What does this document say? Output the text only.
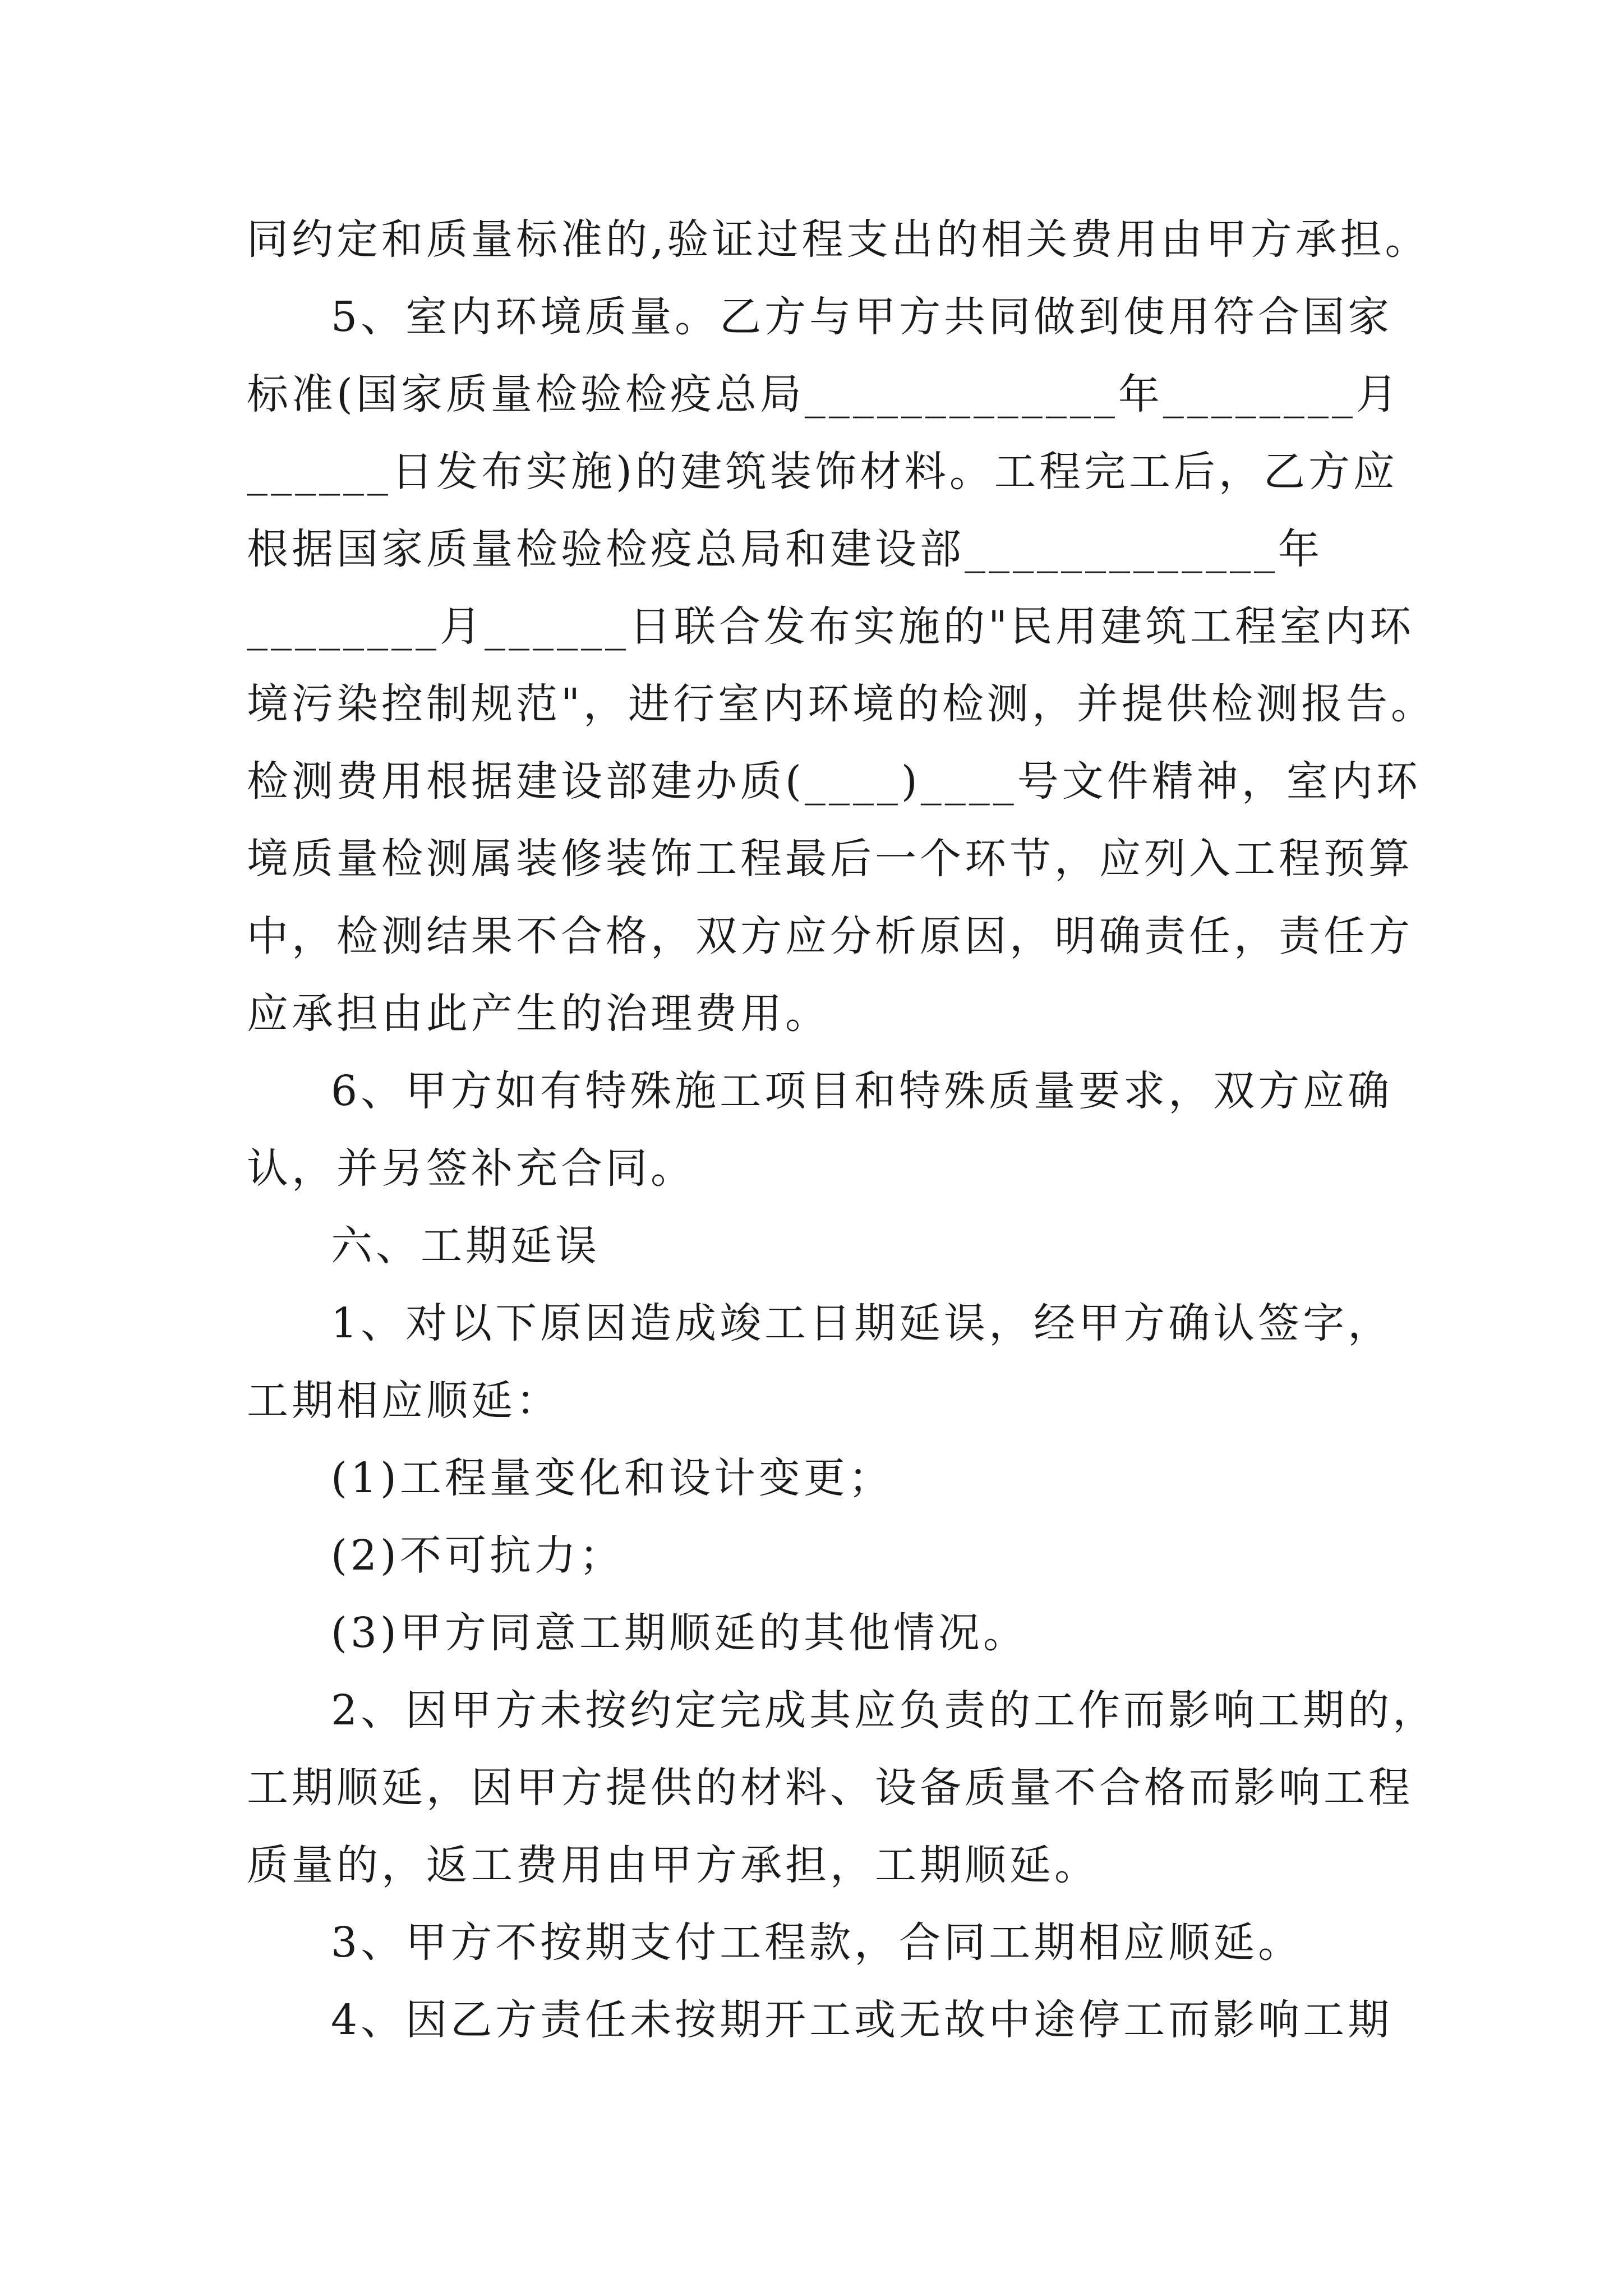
同约定和质量标准的,验证过程支出的相关费用由甲方承担。
5、室内环境质量。乙方与甲方共同做到使用符合国家
标准(国家质量检验检疫总局_____________年________月
______日发布实施)的建筑装饰材料。工程完工后，乙方应
根据国家质量检验检疫总局和建设部_____________年
________月______日联合发布实施的"民用建筑工程室内环
境污染控制规范"，进行室内环境的检测，并提供检测报告。
检测费用根据建设部建办质(____)____号文件精神，室内环
境质量检测属装修装饰工程最后一个环节，应列入工程预算
中，检测结果不合格，双方应分析原因，明确责任，责任方
应承担由此产生的治理费用。
6、甲方如有特殊施工项目和特殊质量要求，双方应确
认，并另签补充合同。
六、工期延误
1、对以下原因造成竣工日期延误，经甲方确认签字，
工期相应顺延：
(1)工程量变化和设计变更；
(2)不可抗力；
(3)甲方同意工期顺延的其他情况。
2、因甲方未按约定完成其应负责的工作而影响工期的，
工期顺延，因甲方提供的材料、设备质量不合格而影响工程
质量的，返工费用由甲方承担，工期顺延。
3、甲方不按期支付工程款，合同工期相应顺延。
4、因乙方责任未按期开工或无故中途停工而影响工期
